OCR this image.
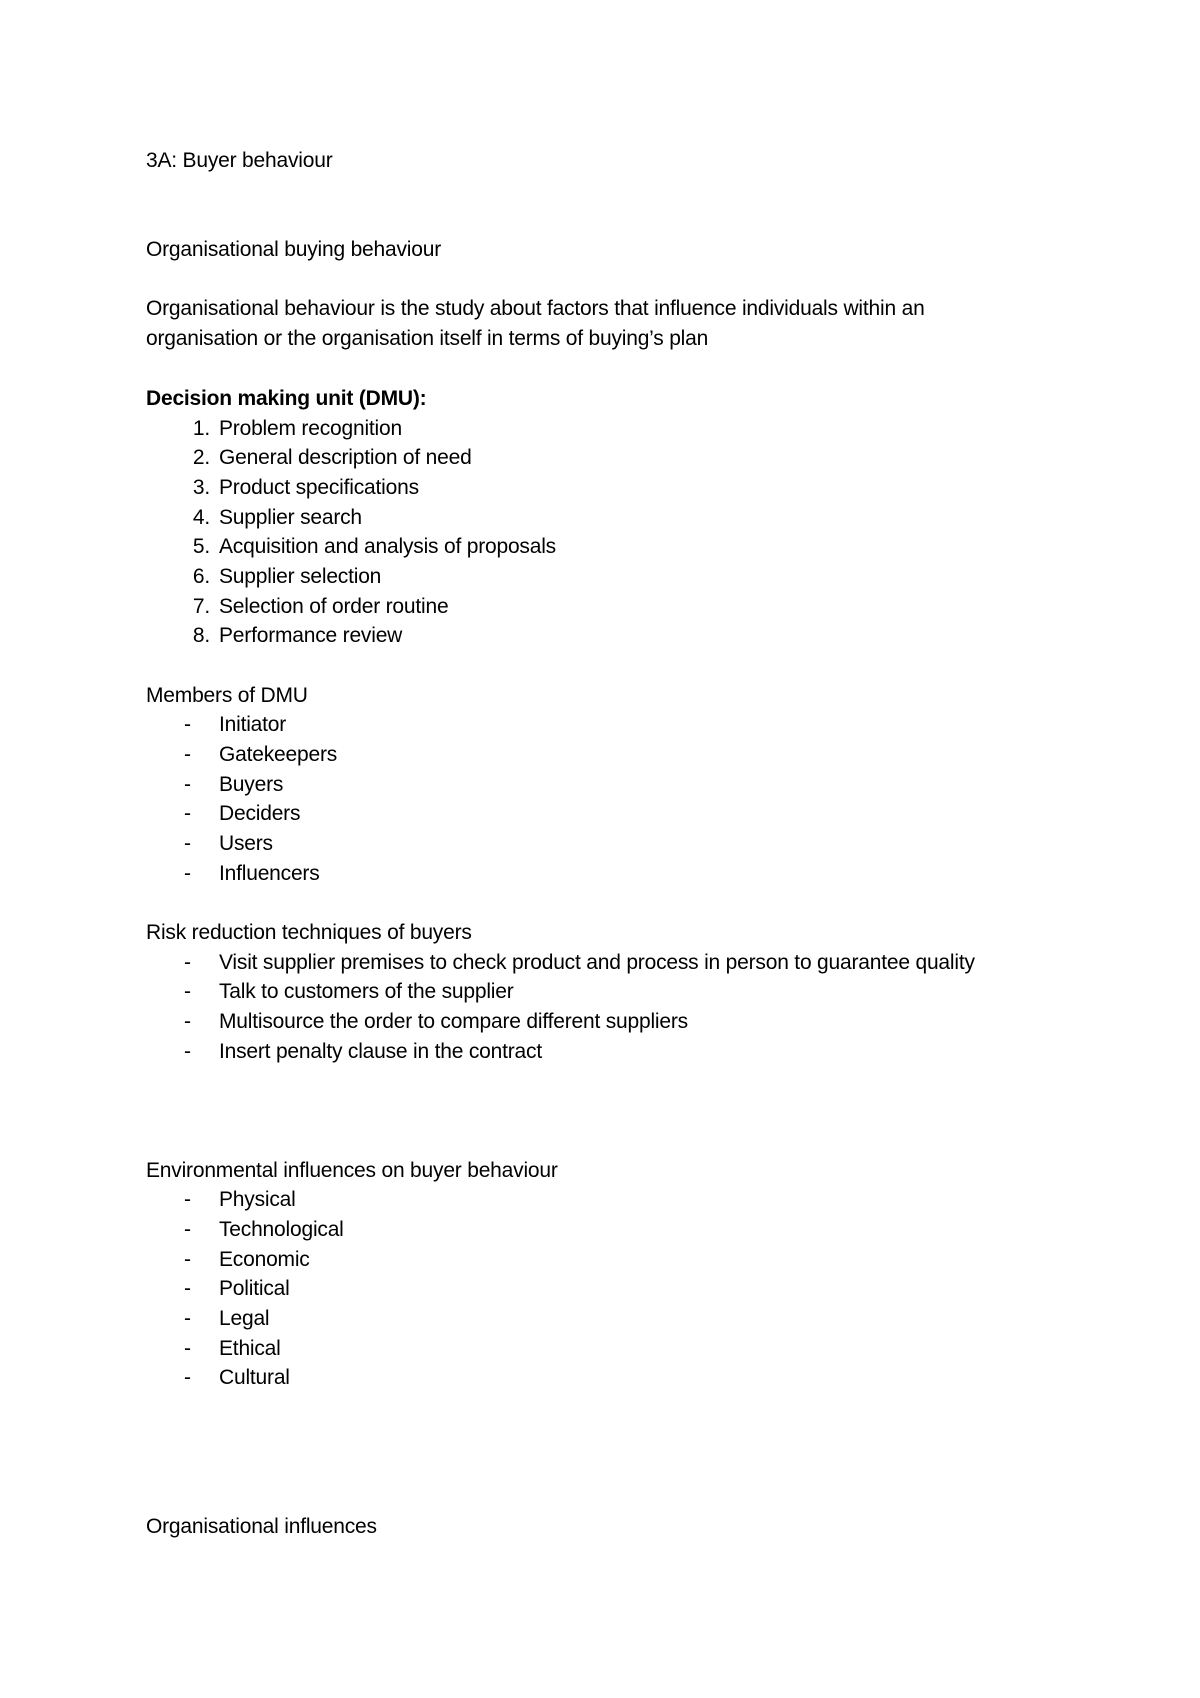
3A: Buyer behaviour
Organisational buying behaviour
Organisational behaviour is the study about factors that influence individuals within an
organisation or the organisation itself in terms of buying’s plan
Decision making unit (DMU):
1. Problem recognition
2. General description of need
3. Product specifications
4. Supplier search
5. Acquisition and analysis of proposals
6. Supplier selection
7. Selection of order routine
8. Performance review
Members of DMU
-	Initiator
-	Gatekeepers
-	Buyers
-	Deciders
-	Users
-	Influencers
Risk reduction techniques of buyers
-	Visit supplier premises to check product and process in person to guarantee quality
-	Talk to customers of the supplier
-	Multisource the order to compare different suppliers
-	Insert penalty clause in the contract
Environmental influences on buyer behaviour
-	Physical
-	Technological
-	Economic
-	Political
-	Legal
-	Ethical
-	Cultural
Organisational influences
